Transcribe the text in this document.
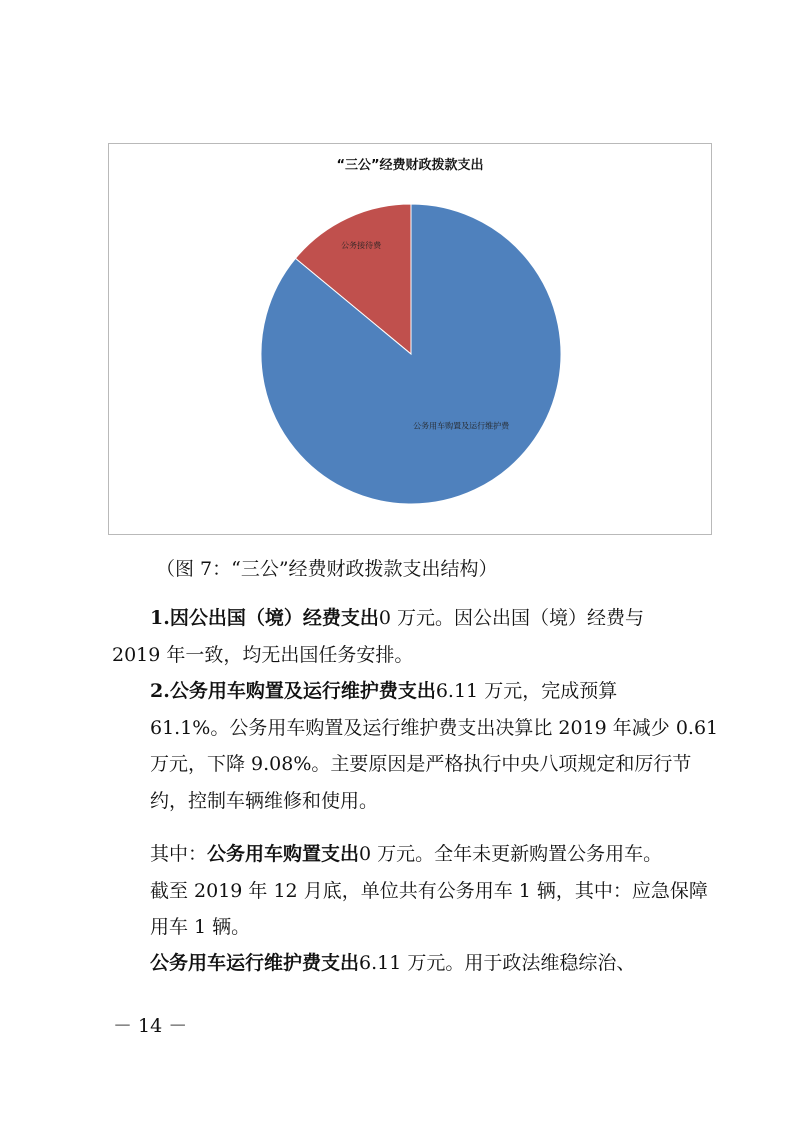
“三公”经费财政拨款支出
公务接待费
公务用车购置及运行维护费
（图 7：“三公”经费财政拨款支出结构）

1.因公出国（境）经费支出0 万元。因公出国（境）经费与
2019 年一致，均无出国任务安排。

2.公务用车购置及运行维护费支出6.11 万元，完成预算
61.1%。公务用车购置及运行维护费支出决算比 2019 年减少 0.61
万元，下降 9.08%。主要原因是严格执行中央八项规定和厉行节
约，控制车辆维修和使用。

其中：公务用车购置支出0 万元。全年未更新购置公务用车。
截至 2019 年 12 月底，单位共有公务用车 1 辆，其中：应急保障
用车 1 辆。

公务用车运行维护费支出6.11 万元。用于政法维稳综治、

－ 14 －
